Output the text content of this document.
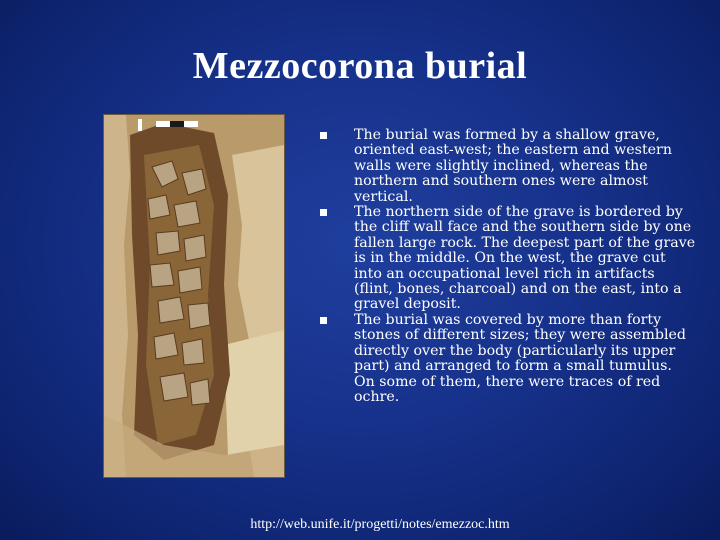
Mezzocorona burial
The burial was formed by a shallow grave, oriented east-west; the eastern and western walls were slightly inclined, whereas the northern and southern ones were almost vertical.
The northern side of the grave is bordered by the cliff wall face and the southern side by one fallen large rock. The deepest part of the grave is in the middle. On the west, the grave cut into an occupational level rich in artifacts (flint, bones, charcoal) and on the east, into a gravel deposit.
The burial was covered by more than forty stones of different sizes; they were assembled directly over the body (particularly its upper part) and arranged to form a small tumulus. On some of them, there were traces of red ochre.
http://web.unife.it/progetti/notes/emezzoc.htm
